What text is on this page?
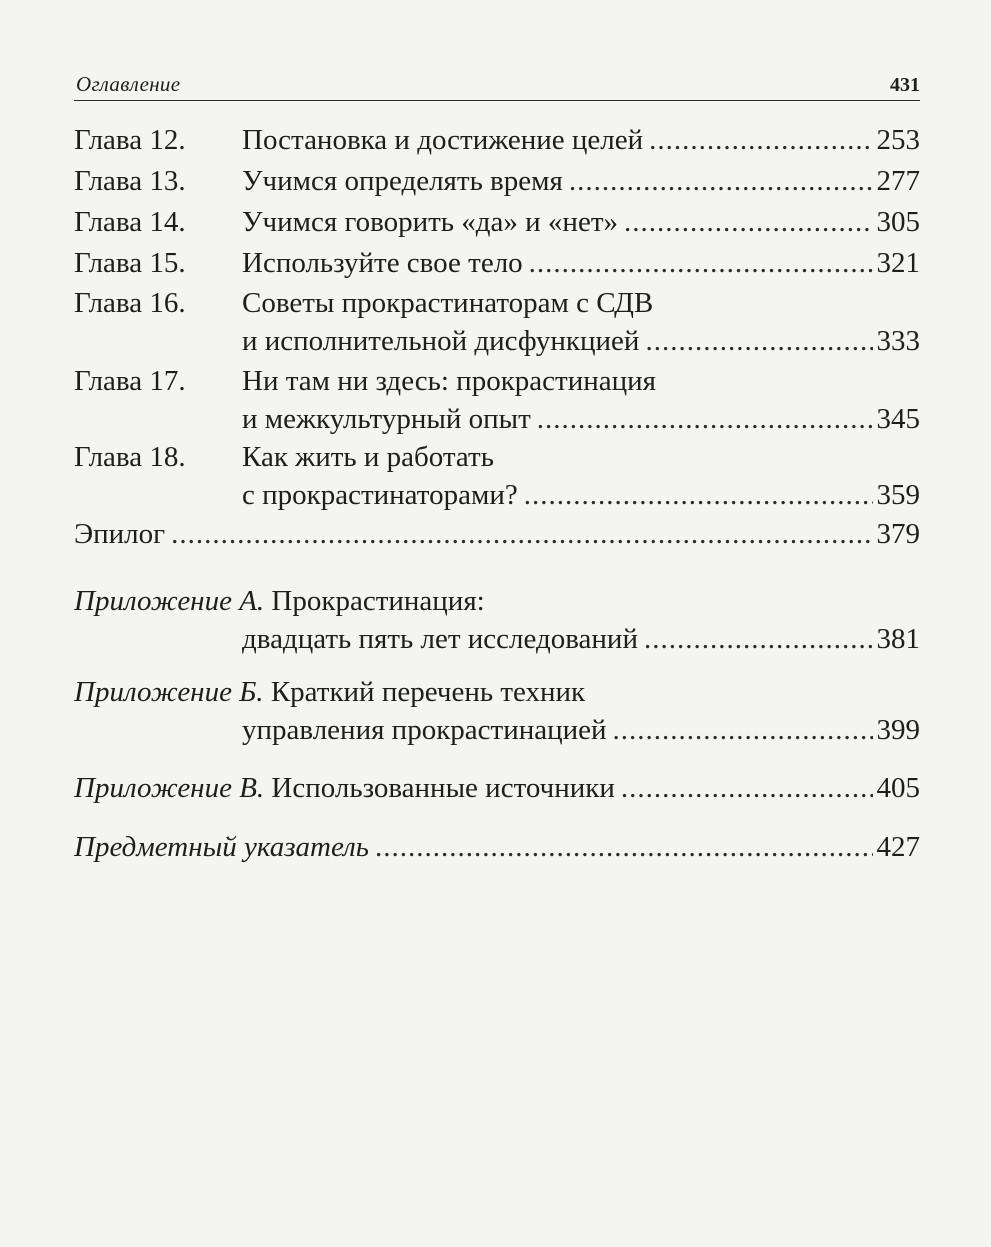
Оглавление	431
Глава 12. Постановка и достижение целей .....	253
Глава 13. Учимся определять время .....	277
Глава 14. Учимся говорить «да» и «нет» .....	305
Глава 15. Используйте свое тело .....	321
Глава 16. Советы прокрастинаторам с СДВ
и исполнительной дисфункцией .....	333
Глава 17. Ни там ни здесь: прокрастинация
и межкультурный опыт .....	345
Глава 18. Как жить и работать
с прокрастинаторами? .....	359
Эпилог .....	379
Приложение А. Прокрастинация:
двадцать пять лет исследований .....	381
Приложение Б. Краткий перечень техник
управления прокрастинацией .....	399
Приложение В. Использованные источники .....	405
Предметный указатель .....	427
